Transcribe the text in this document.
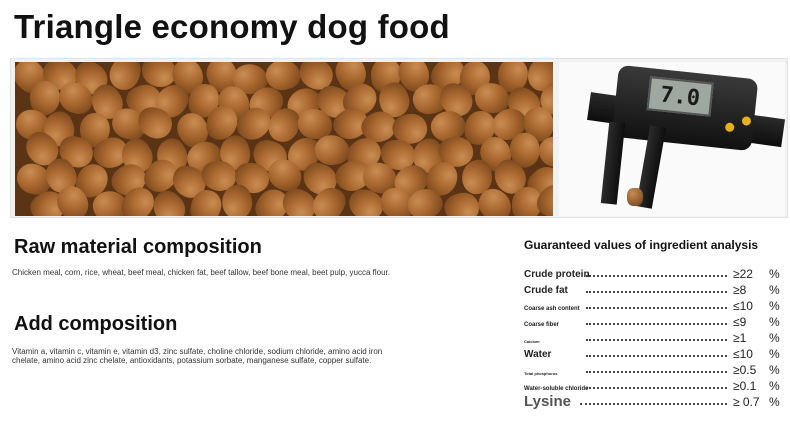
Triangle economy dog food
7.0
Raw material composition
Chicken meal, corn, rice, wheat, beef meal, chicken fat, beef tallow, beef bone meal, beet pulp, yucca flour.
Add composition
Vitamin a, vitamin c, vitamin e, vitamin d3, zinc sulfate, choline chloride, sodium chloride, amino acid iron
chelate, amino acid zinc chelate, antioxidants, potassium sorbate, manganese sulfate, copper sulfate.
Guaranteed values of ingredient analysis
Crude protein	≥22 %
Crude fat	≥8 %
Coarse ash content	≤10 %
Coarse fiber	≤9 %
Calcium	≥1 %
Water	≤10 %
Total phosphorus	≥0.5 %
Water-soluble chloride	≥0.1 %
Lysine	≥ 0.7 %
